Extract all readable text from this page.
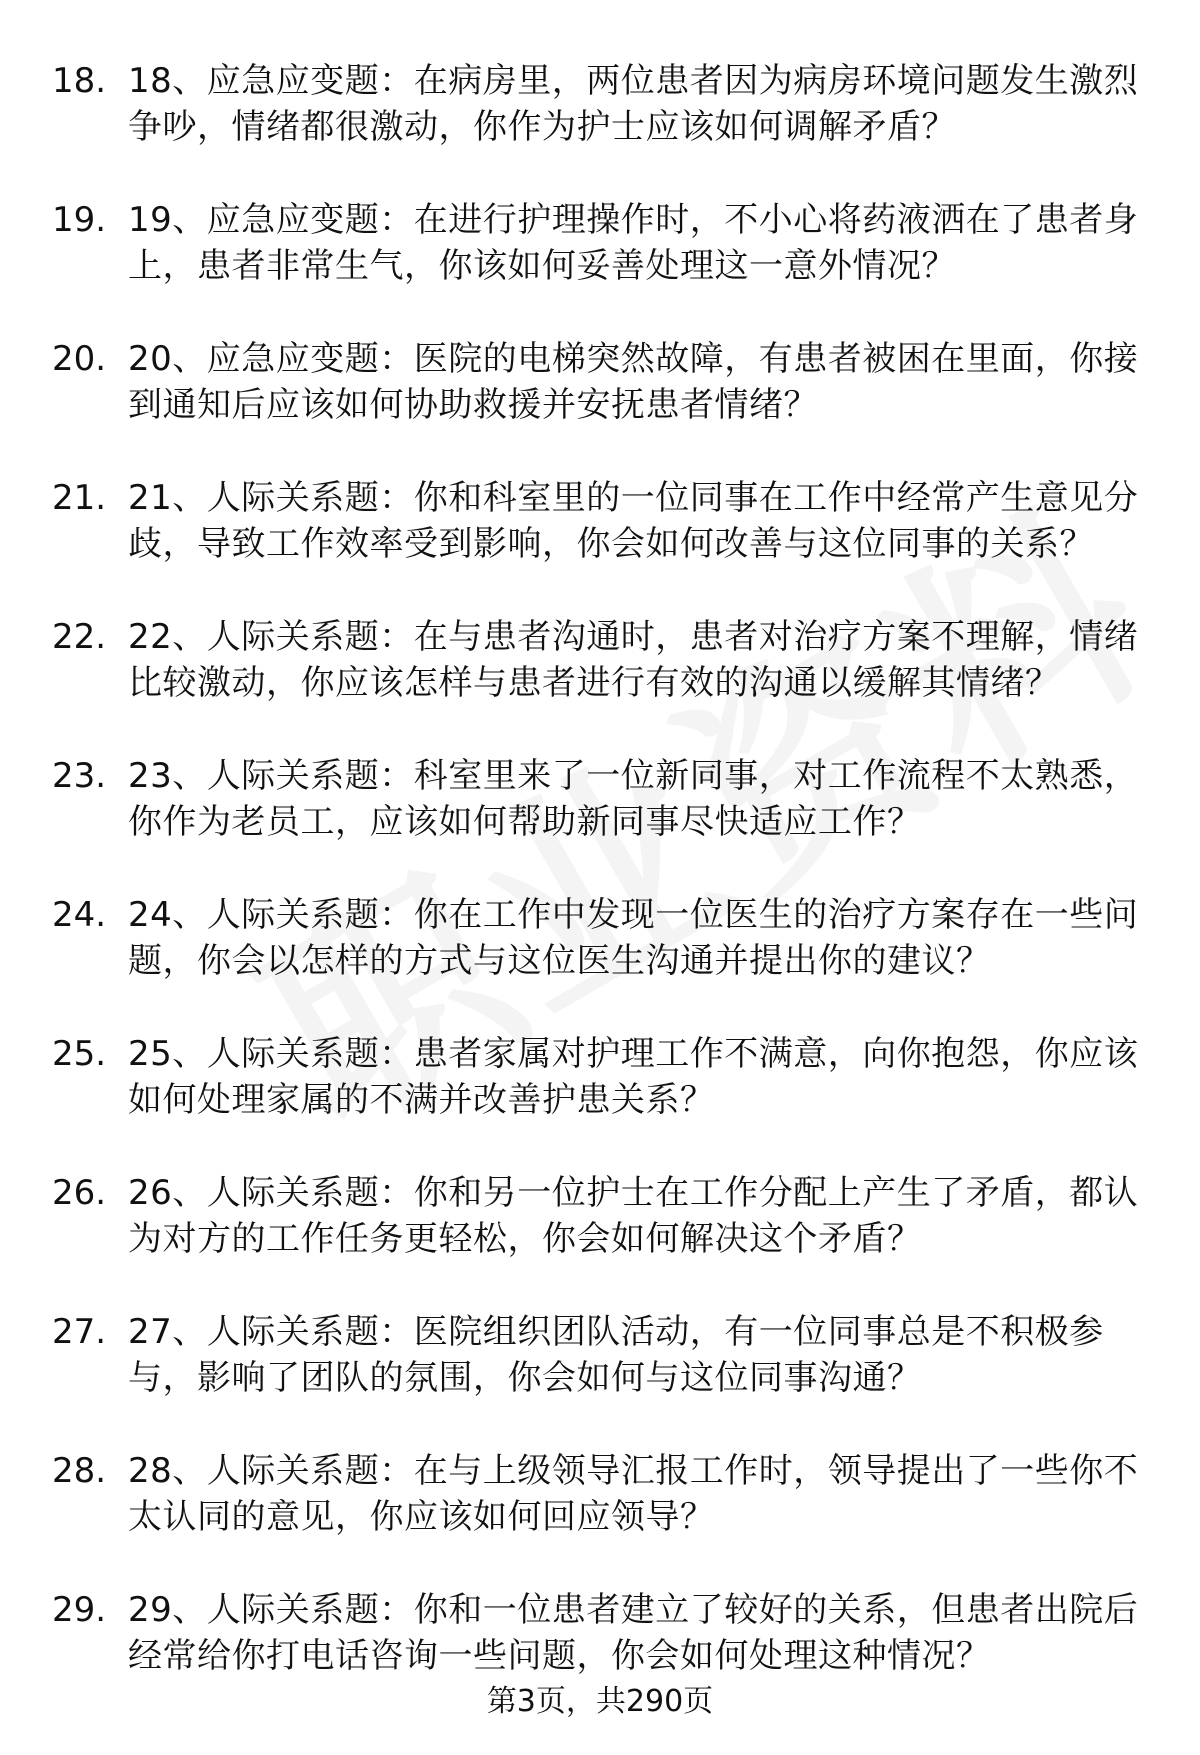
18. 18、应急应变题：在病房里，两位患者因为病房环境问题发生激烈争吵，情绪都很激动，你作为护士应该如何调解矛盾？
19. 19、应急应变题：在进行护理操作时，不小心将药液洒在了患者身上，患者非常生气，你该如何妥善处理这一意外情况？
20. 20、应急应变题：医院的电梯突然故障，有患者被困在里面，你接到通知后应该如何协助救援并安抚患者情绪？
21. 21、人际关系题：你和科室里的一位同事在工作中经常产生意见分歧，导致工作效率受到影响，你会如何改善与这位同事的关系？
22. 22、人际关系题：在与患者沟通时，患者对治疗方案不理解，情绪比较激动，你应该怎样与患者进行有效的沟通以缓解其情绪？
23. 23、人际关系题：科室里来了一位新同事，对工作流程不太熟悉，你作为老员工，应该如何帮助新同事尽快适应工作？
24. 24、人际关系题：你在工作中发现一位医生的治疗方案存在一些问题，你会以怎样的方式与这位医生沟通并提出你的建议？
25. 25、人际关系题：患者家属对护理工作不满意，向你抱怨，你应该如何处理家属的不满并改善护患关系？
26. 26、人际关系题：你和另一位护士在工作分配上产生了矛盾，都认为对方的工作任务更轻松，你会如何解决这个矛盾？
27. 27、人际关系题：医院组织团队活动，有一位同事总是不积极参与，影响了团队的氛围，你会如何与这位同事沟通？
28. 28、人际关系题：在与上级领导汇报工作时，领导提出了一些你不太认同的意见，你应该如何回应领导？
29. 29、人际关系题：你和一位患者建立了较好的关系，但患者出院后经常给你打电话咨询一些问题，你会如何处理这种情况？
第3页，共290页
